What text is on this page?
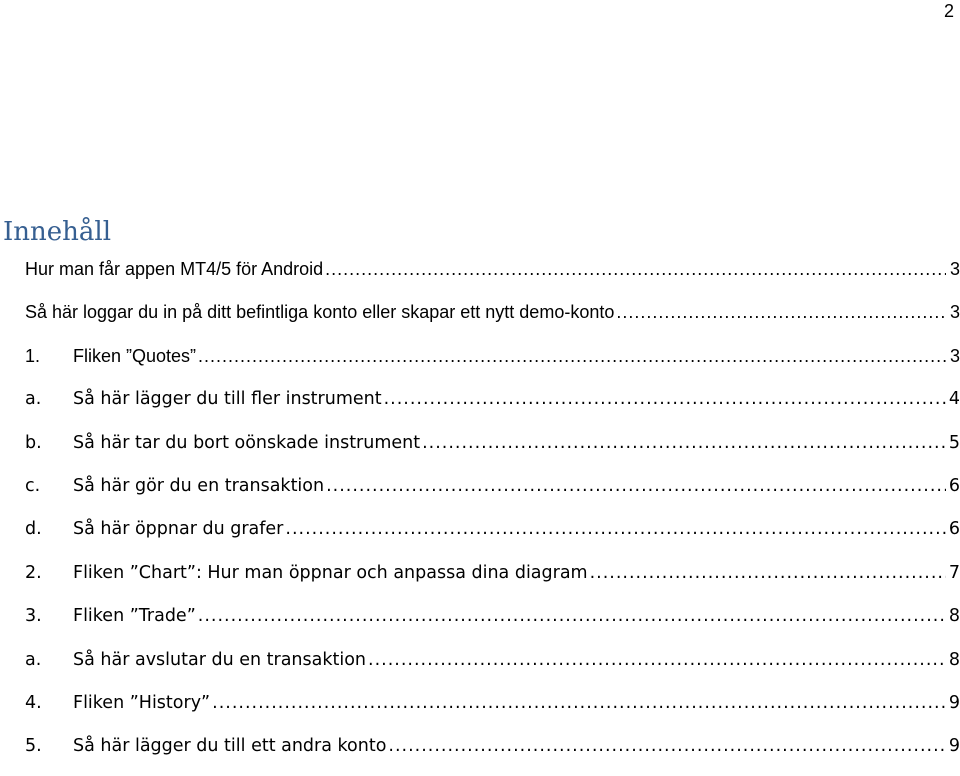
2
Innehåll
Hur man får appen MT4/5 för Android .....	3
Så här loggar du in på ditt befintliga konto eller skapar ett nytt demo-konto .....	3
1.	Fliken ”Quotes” .....	3
a.	Så här lägger du till fler instrument .....	4
b.	Så här tar du bort oönskade instrument .....	5
c.	Så här gör du en transaktion .....	6
d.	Så här öppnar du grafer .....	6
2.	Fliken ”Chart”: Hur man öppnar och anpassa dina diagram .....	7
3.	Fliken ”Trade” .....	8
a.	Så här avslutar du en transaktion .....	8
4.	Fliken ”History” .....	9
5.	Så här lägger du till ett andra konto .....	9
